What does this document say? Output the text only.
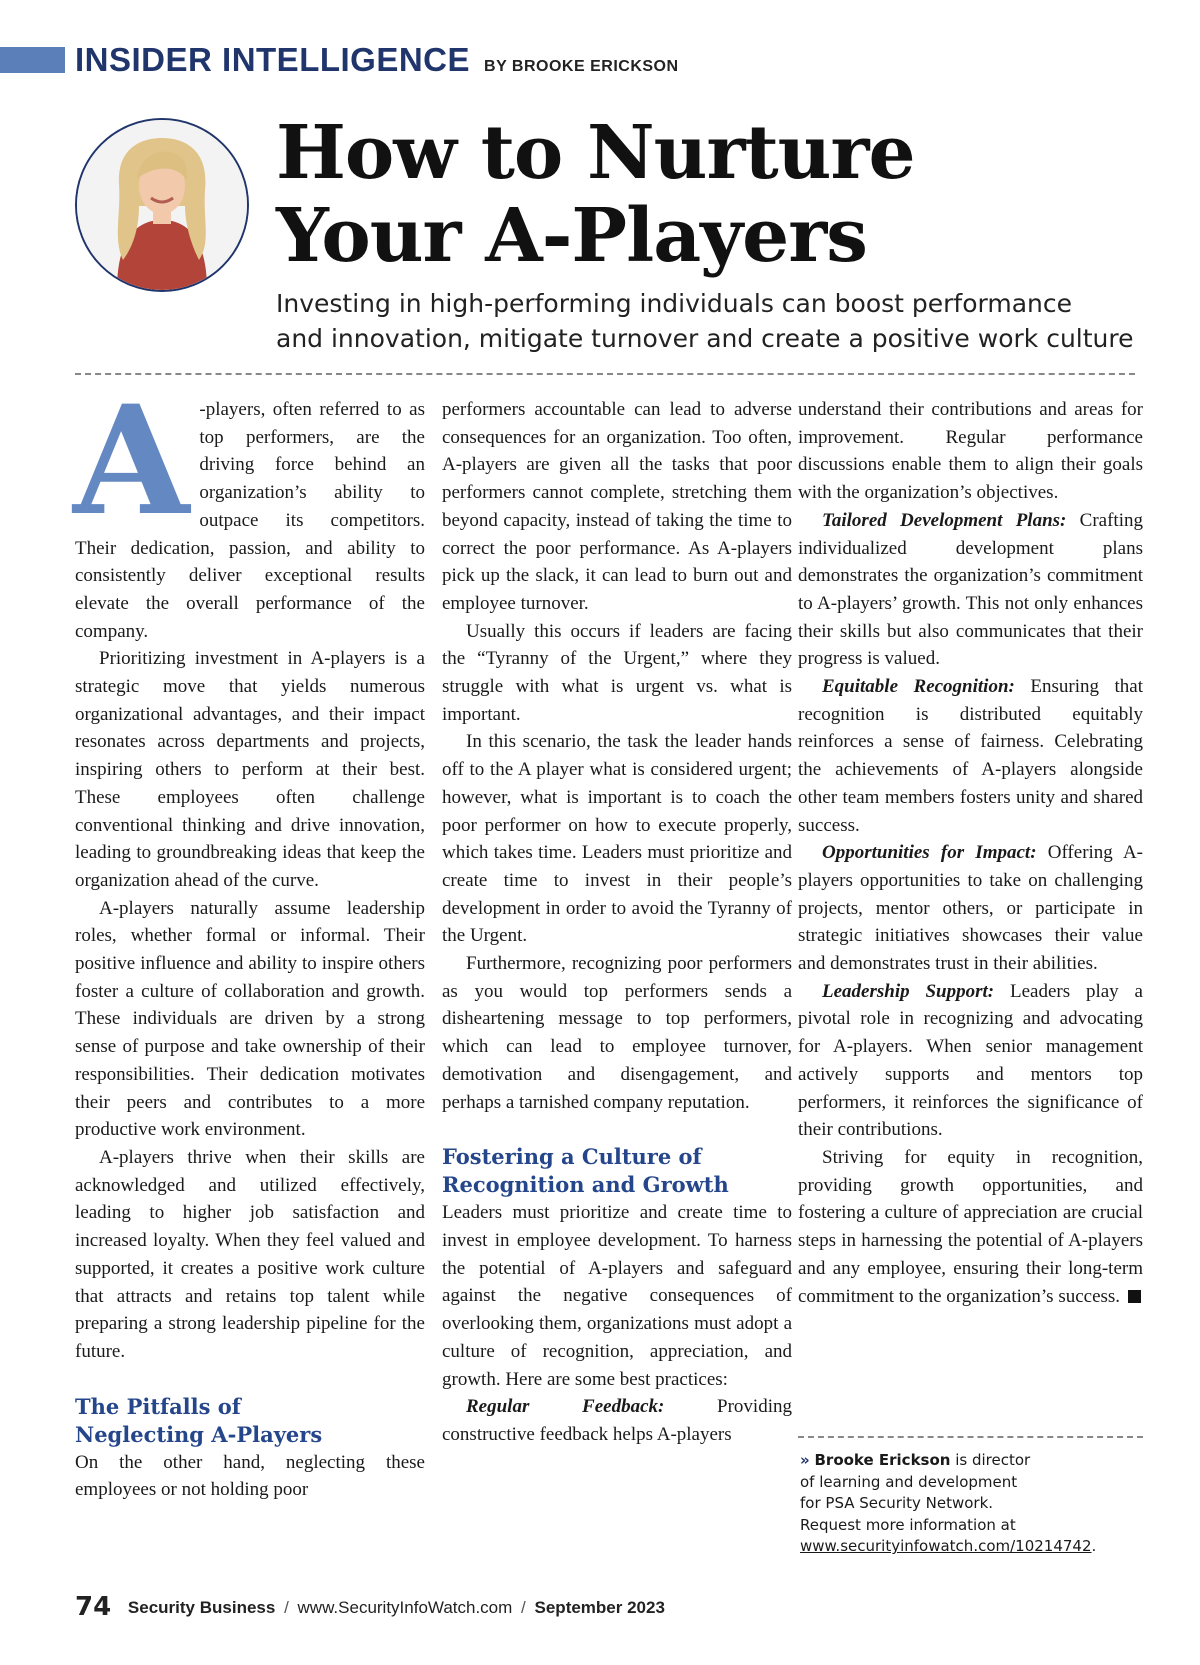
INSIDER INTELLIGENCE BY BROOKE ERICKSON
How to Nurture
Your A-Players
Investing in high-performing individuals can boost performance
and innovation, mitigate turnover and create a positive work culture

A -players, often referred to as top performers, are the driving force behind an organization’s ability to outpace its competitors. Their dedication, passion, and ability to consistently deliver exceptional results elevate the overall performance of the company.

Prioritizing investment in A-players is a strategic move that yields numerous organizational advantages, and their impact resonates across departments and projects, inspiring others to perform at their best. These employees often challenge conventional thinking and drive innovation, leading to groundbreaking ideas that keep the organization ahead of the curve.

A-players naturally assume leadership roles, whether formal or informal. Their positive influence and ability to inspire others foster a culture of collaboration and growth. These individuals are driven by a strong sense of purpose and take ownership of their responsibilities. Their dedication motivates their peers and contributes to a more productive work environment.

A-players thrive when their skills are acknowledged and utilized effectively, leading to higher job satisfaction and increased loyalty. When they feel valued and supported, it creates a positive work culture that attracts and retains top talent while preparing a strong leadership pipeline for the future.

The Pitfalls of
Neglecting A-Players

On the other hand, neglecting these employees or not holding poor

performers accountable can lead to adverse consequences for an organization. Too often, A-players are given all the tasks that poor performers cannot complete, stretching them beyond capacity, instead of taking the time to correct the poor performance. As A-players pick up the slack, it can lead to burn out and employee turnover.

Usually this occurs if leaders are facing the “Tyranny of the Urgent,” where they struggle with what is urgent vs. what is important.

In this scenario, the task the leader hands off to the A player what is considered urgent; however, what is important is to coach the poor performer on how to execute properly, which takes time. Leaders must prioritize and create time to invest in their people’s development in order to avoid the Tyranny of the Urgent.

Furthermore, recognizing poor performers as you would top performers sends a disheartening message to top performers, which can lead to employee turnover, demotivation and disengagement, and perhaps a tarnished company reputation.

Fostering a Culture of
Recognition and Growth

Leaders must prioritize and create time to invest in employee development. To harness the potential of A-players and safeguard against the negative consequences of overlooking them, organizations must adopt a culture of recognition, appreciation, and growth. Here are some best practices:

Regular Feedback: Providing constructive feedback helps A-players

understand their contributions and areas for improvement. Regular performance discussions enable them to align their goals with the organization’s objectives.

Tailored Development Plans: Crafting individualized development plans demonstrates the organization’s commitment to A-players’ growth. This not only enhances their skills but also communicates that their progress is valued.

Equitable Recognition: Ensuring that recognition is distributed equitably reinforces a sense of fairness. Celebrating the achievements of A-players alongside other team members fosters unity and shared success.

Opportunities for Impact: Offering A-players opportunities to take on challenging projects, mentor others, or participate in strategic initiatives showcases their value and demonstrates trust in their abilities.

Leadership Support: Leaders play a pivotal role in recognizing and advocating for A-players. When senior management actively supports and mentors top performers, it reinforces the significance of their contributions.

Striving for equity in recognition, providing growth opportunities, and fostering a culture of appreciation are crucial steps in harnessing the potential of A-players and any employee, ensuring their long-term commitment to the organization’s success.

» Brooke Erickson is director
of learning and development
for PSA Security Network.
Request more information at
www.securityinfowatch.com/10214742.
74 Security Business / www.SecurityInfoWatch.com / September 2023
